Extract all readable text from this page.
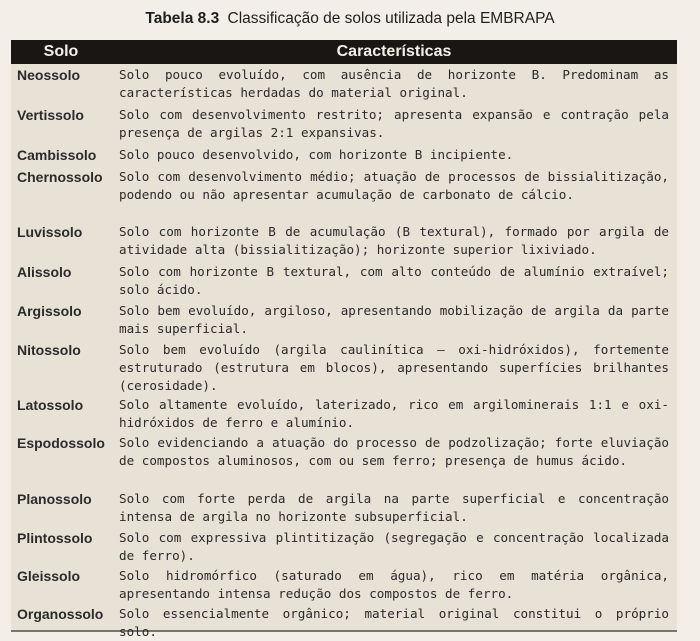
Tabela 8.3 Classificação de solos utilizada pela EMBRAPA
Solo	Características
Neossolo	Solo pouco evoluído, com ausência de horizonte B. Predominam as características herdadas do material original.
Vertissolo	Solo com desenvolvimento restrito; apresenta expansão e contração pela presença de argilas 2:1 expansivas.
Cambissolo	Solo pouco desenvolvido, com horizonte B incipiente.
Chernossolo	Solo com desenvolvimento médio; atuação de processos de bissialitização, podendo ou não apresentar acumulação de carbonato de cálcio.
Luvissolo	Solo com horizonte B de acumulação (B textural), formado por argila de atividade alta (bissialitização); horizonte superior lixiviado.
Alissolo	Solo com horizonte B textural, com alto conteúdo de alumínio extraível; solo ácido.
Argissolo	Solo bem evoluído, argiloso, apresentando mobilização de argila da parte mais superficial.
Nitossolo	Solo bem evoluído (argila caulinítica – oxi-hidróxidos), fortemente estruturado (estrutura em blocos), apresentando superfícies brilhantes (cerosidade).
Latossolo	Solo altamente evoluído, laterizado, rico em argilominerais 1:1 e oxi-hidróxidos de ferro e alumínio.
Espodossolo	Solo evidenciando a atuação do processo de podzolização; forte eluviação de compostos aluminosos, com ou sem ferro; presença de humus ácido.
Planossolo	Solo com forte perda de argila na parte superficial e concentração intensa de argila no horizonte subsuperficial.
Plintossolo	Solo com expressiva plintitização (segregação e concentração localizada de ferro).
Gleissolo	Solo hidromórfico (saturado em água), rico em matéria orgânica, apresentando intensa redução dos compostos de ferro.
Organossolo	Solo essencialmente orgânico; material original constitui o próprio solo.
